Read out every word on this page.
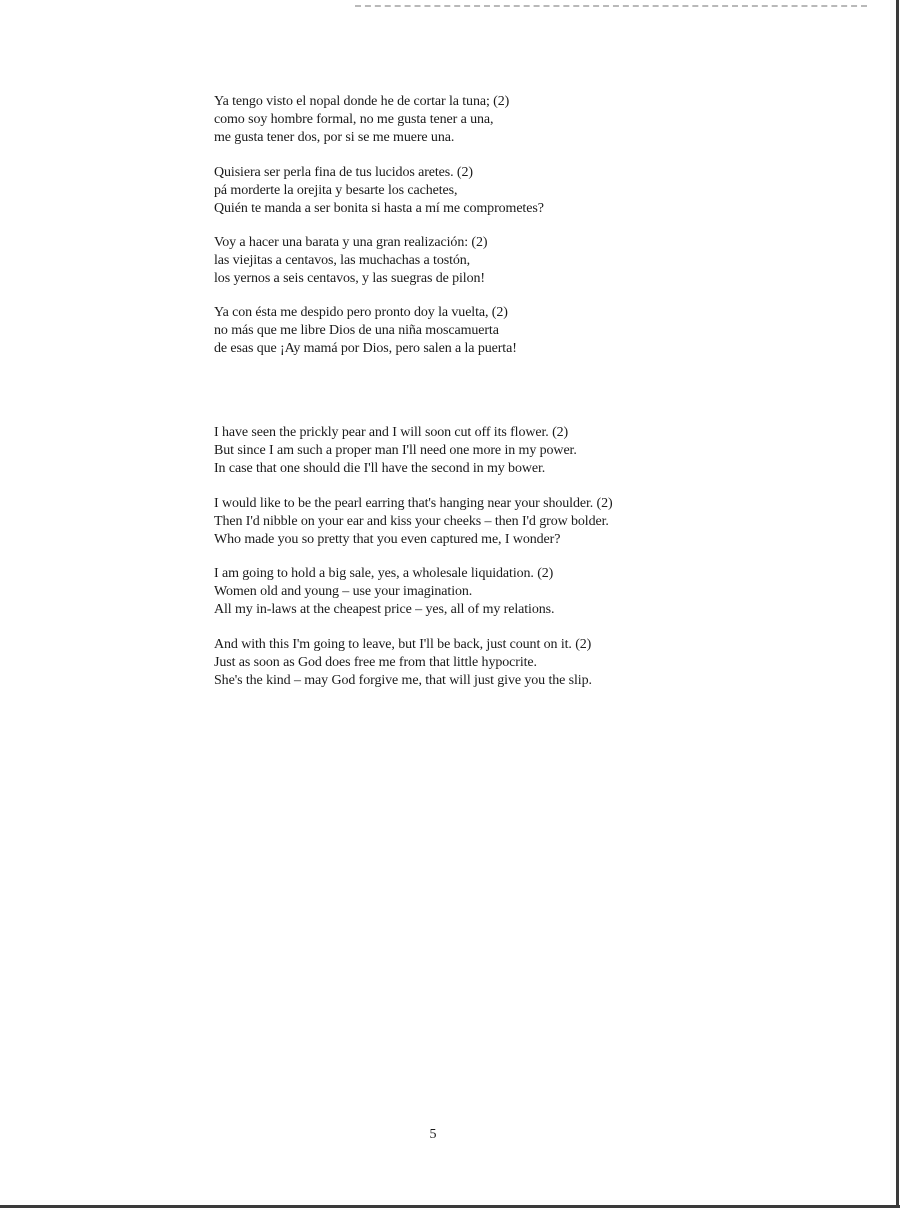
Ya tengo visto el nopal donde he de cortar la tuna; (2)
como soy hombre formal, no me gusta tener a una,
me gusta tener dos, por si se me muere una.
Quisiera ser perla fina de tus lucidos aretes. (2)
pá morderte la orejita y besarte los cachetes,
Quién te manda a ser bonita si hasta a mí me comprometes?
Voy a hacer una barata y una gran realización: (2)
las viejitas a centavos, las muchachas a tostón,
los yernos a seis centavos, y las suegras de pilon!
Ya con ésta me despido pero pronto doy la vuelta, (2)
no más que me libre Dios de una niña moscamuerta
de esas que ¡Ay mamá por Dios, pero salen a la puerta!
I have seen the prickly pear and I will soon cut off its flower. (2)
But since I am such a proper man I'll need one more in my power.
In case that one should die I'll have the second in my bower.
I would like to be the pearl earring that's hanging near your shoulder. (2)
Then I'd nibble on your ear and kiss your cheeks – then I'd grow bolder.
Who made you so pretty that you even captured me, I wonder?
I am going to hold a big sale, yes, a wholesale liquidation. (2)
Women old and young – use your imagination.
All my in-laws at the cheapest price – yes, all of my relations.
And with this I'm going to leave, but I'll be back, just count on it. (2)
Just as soon as God does free me from that little hypocrite.
She's the kind – may God forgive me, that will just give you the slip.
5
